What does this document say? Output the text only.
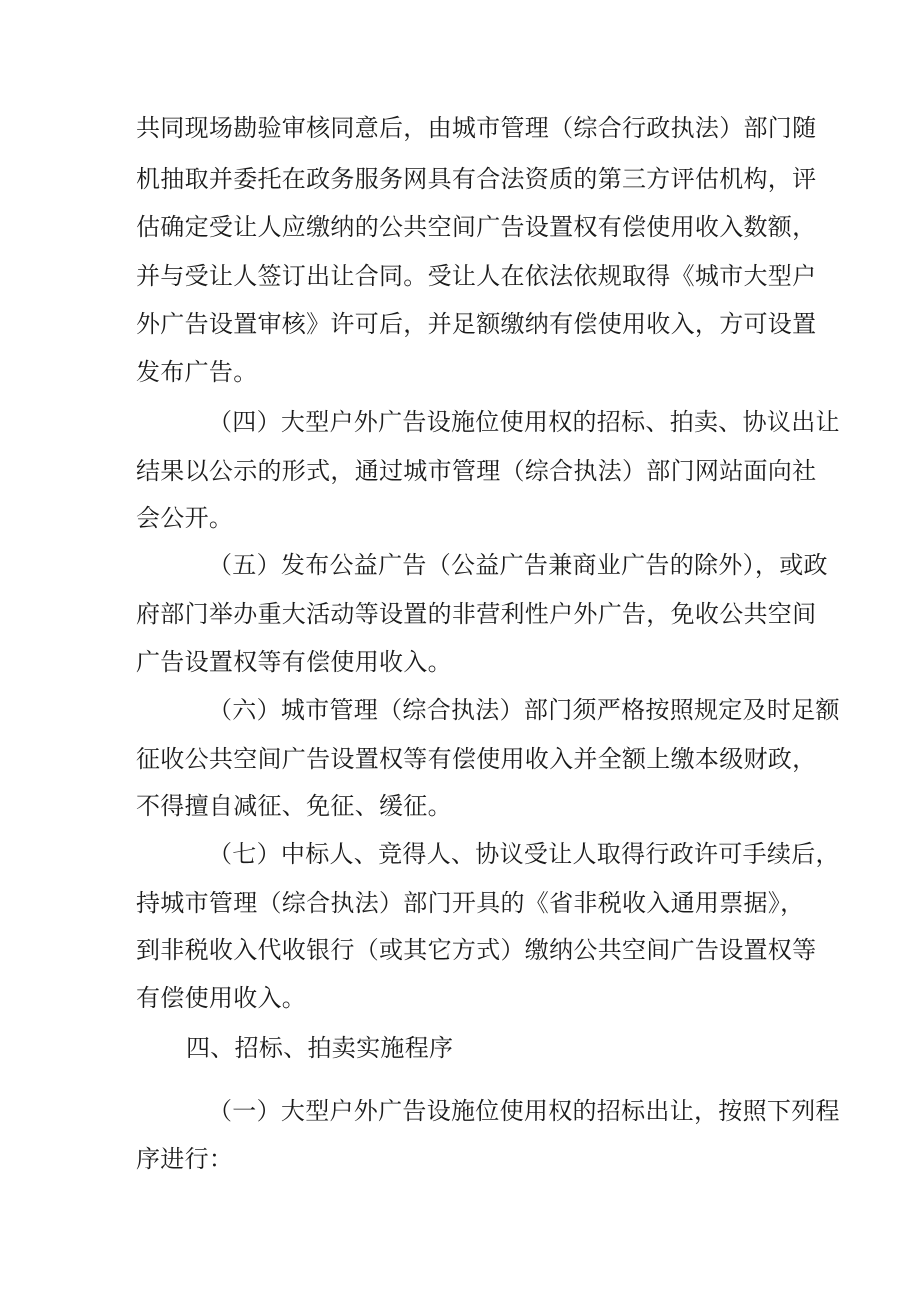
共同现场勘验审核同意后，由城市管理（综合行政执法）部门随
机抽取并委托在政务服务网具有合法资质的第三方评估机构，评
估确定受让人应缴纳的公共空间广告设置权有偿使用收入数额，
并与受让人签订出让合同。受让人在依法依规取得《城市大型户
外广告设置审核》许可后，并足额缴纳有偿使用收入，方可设置
发布广告。
（四）大型户外广告设施位使用权的招标、拍卖、协议出让
结果以公示的形式，通过城市管理（综合执法）部门网站面向社
会公开。
（五）发布公益广告（公益广告兼商业广告的除外），或政
府部门举办重大活动等设置的非营利性户外广告，免收公共空间
广告设置权等有偿使用收入。
（六）城市管理（综合执法）部门须严格按照规定及时足额
征收公共空间广告设置权等有偿使用收入并全额上缴本级财政，
不得擅自减征、免征、缓征。
（七）中标人、竞得人、协议受让人取得行政许可手续后，
持城市管理（综合执法）部门开具的《省非税收入通用票据》，
到非税收入代收银行（或其它方式）缴纳公共空间广告设置权等
有偿使用收入。
四、招标、拍卖实施程序
（一）大型户外广告设施位使用权的招标出让，按照下列程
序进行：
